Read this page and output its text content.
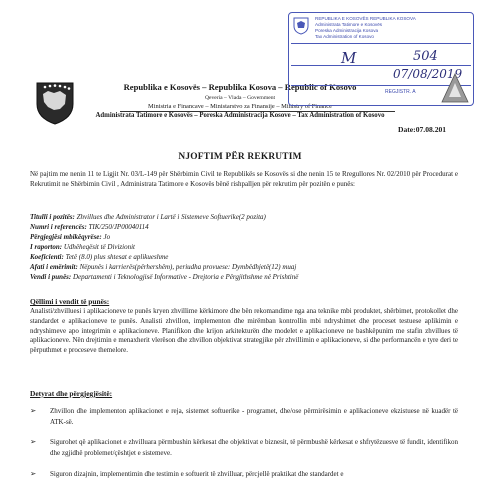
Republika e Kosovës – Republika Kosova – Republic of Kosovo
Qeveria – Vlada – Government
Ministria e Financave – Ministarstvo za Finansije – Ministry of Finance
Administrata Tatimore e Kosovës – Poreska Administracija Kosove – Tax Administration of Kosovo
Date:07.08.201
REPUBLIKA E KOSOVËS REPUBLIKA KOSOVA
Administrata Tatimore e Kosovës
Poreska Administracija Kosova
Tax Administration of Kosovo
M	504
07/08/2019
REGJISTR. A
NJOFTIM PËR REKRUTIM
Në pajtim me nenin 11 te Ligjit Nr. 03/L-149 për Shërbimin Civil te Republikës se Kosovës si dhe nenin 15 te Rregullores Nr. 02/2010 për Procedurat e Rekrutimit ne Shërbimin Civil , Administrata Tatimore e Kosovës bënë rishpalljen për rekrutim për pozitën e punës:
Titulli i pozitës: Zhvillues dhe Administrator i Lartë i Sistemeve Softuerike(2 pozita)
Numri i referencës: TIK/250/JP00040114
Përgjegjësi mbikëqyrëse: Jo
I raporton: Udhëheqësit të Divizionit
Koeficienti: Tetë (8.0) plus shtesat e aplikueshme
Afati i emërimit: Nëpunës i karrierës(përhershëm), periudha provuese: Dymbëdhjetë(12) muaj
Vendi i punës: Departamenti i Teknologjisë Informative - Drejtoria e Përgjithshme në Prishtinë
Qëllimi i vendit të punës:
Analisti/zhvilluesi i aplikacioneve te punës kryen zhvillime kërkimore dhe bën rekomandime nga ana teknike mbi produktet, shërbimet, protokollet dhe standardet e aplikacioneve te punës. Analisti zhvillon, implementon dhe mirëmban kontrollin mbi ndryshimet dhe proceset testuese aplikimin e ndryshimeve apo integrimin e aplikacioneve. Planifikon dhe krijon arkitekturën dhe modelet e aplikacioneve ne bashkëpunim me stafin zhvillues të aplikacioneve. Nën drejtimin e menaxherit vlerëson dhe zhvillon objektivat strategjike për zhvillimin e aplikacioneve, si dhe performancën e tyre deri te përputhmet e proceseve themelore.
Detyrat dhe përgjegjësitë:
➢ Zhvillon dhe implementon aplikacionet e reja, sistemet softuerike - programet, dhe/ose përmirësimin e aplikacioneve ekzistuese në kuadër të ATK-së.
➢ Sigurohet që aplikacionet e zhvilluara përmbushin kërkesat dhe objektivat e biznesit, të përmbushë kërkesat e shfrytëzuesve të fundit, identifikon dhe zgjidhë problemet/çështjet e sistemeve.
➢ Siguron dizajnin, implementimin dhe testimin e softuerit të zhvilluar, përcjellë praktikat dhe standardet e
